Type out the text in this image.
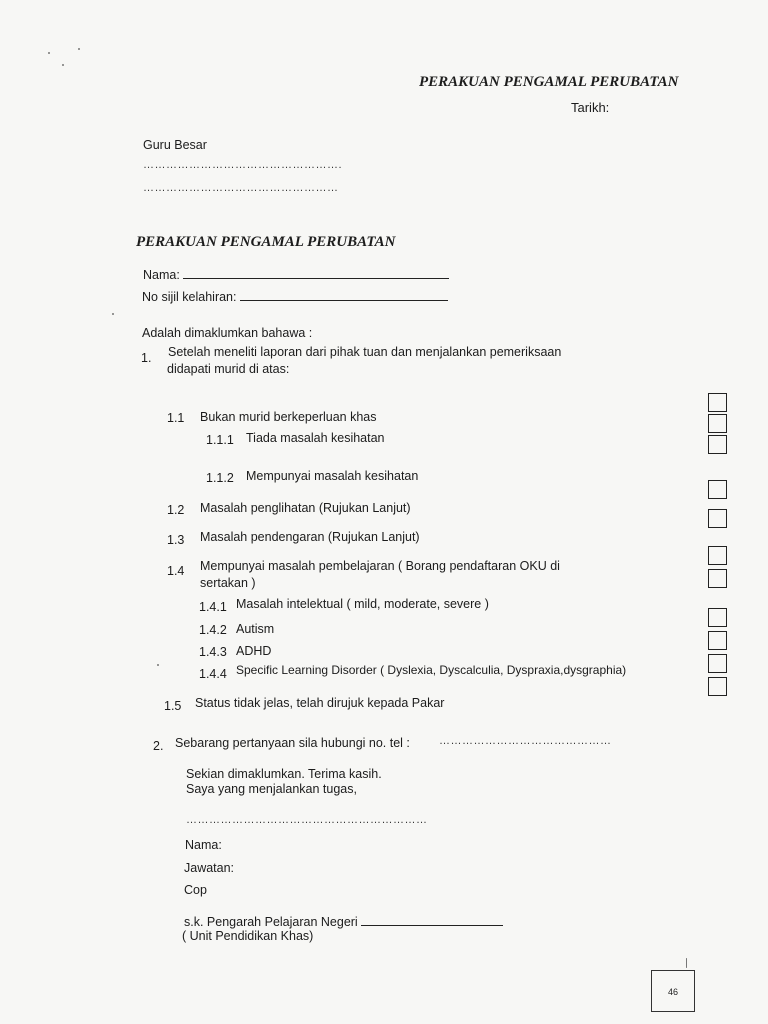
PERAKUAN PENGAMAL PERUBATAN
Tarikh:
Guru Besar
…………………………………………….
……………………………………………
PERAKUAN PENGAMAL PERUBATAN
Nama:
No sijil kelahiran:
Adalah dimaklumkan bahawa :
1. Setelah meneliti laporan dari pihak tuan dan menjalankan pemeriksaan
didapati murid di atas:
1.1 Bukan murid berkeperluan khas
1.1.1 Tiada masalah kesihatan
1.1.2 Mempunyai masalah kesihatan
1.2 Masalah penglihatan (Rujukan Lanjut)
1.3 Masalah pendengaran (Rujukan Lanjut)
1.4 Mempunyai masalah pembelajaran ( Borang pendaftaran OKU di
sertakan )
1.4.1 Masalah intelektual ( mild, moderate, severe )
1.4.2 Autism
1.4.3 ADHD
1.4.4 Specific Learning Disorder ( Dyslexia, Dyscalculia, Dyspraxia,dysgraphia)
1.5 Status tidak jelas, telah dirujuk kepada Pakar
2. Sebarang pertanyaan sila hubungi no. tel :	………………………………………
Sekian dimaklumkan. Terima kasih.
Saya yang menjalankan tugas,
………………………………………………………
Nama:
Jawatan:
Cop
s.k. Pengarah Pelajaran Negeri
( Unit Pendidikan Khas)
46
